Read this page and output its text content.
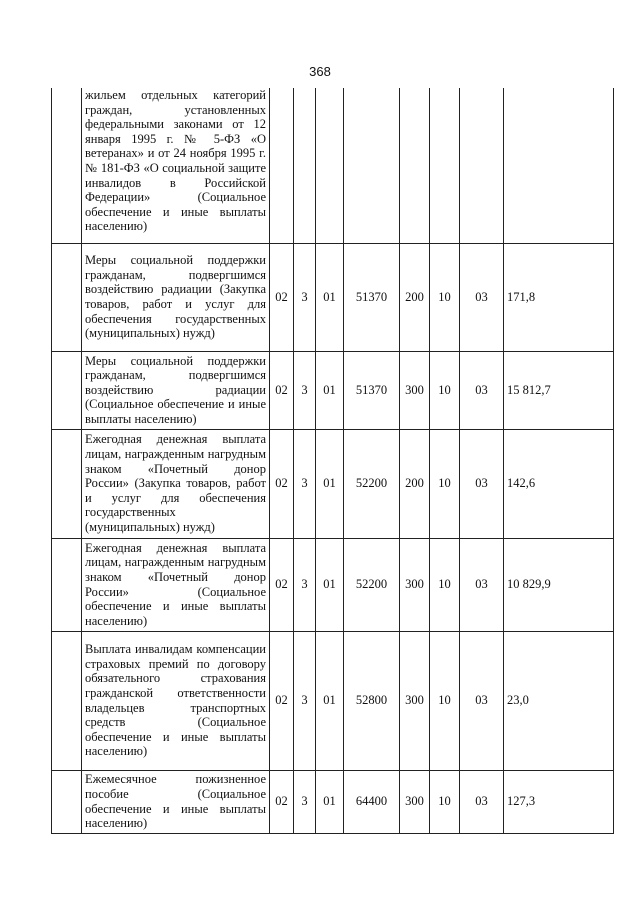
368
	жильем отдельных категорий граждан, установленных федеральными законами от 12 января 1995 г. № 5-ФЗ «О ветеранах» и от 24 ноября 1995 г. № 181-ФЗ «О социальной защите инвалидов в Российской Федерации» (Социальное обеспечение и иные выплаты населению)								
	Меры социальной поддержки гражданам, подвергшимся воздействию радиации (Закупка товаров, работ и услуг для обеспечения государственных (муниципальных) нужд)	02	3	01	51370	200	10	03	171,8
	Меры социальной поддержки гражданам, подвергшимся воздействию радиации (Социальное обеспечение и иные выплаты населению)	02	3	01	51370	300	10	03	15 812,7
	Ежегодная денежная выплата лицам, награжденным нагрудным знаком «Почетный донор России» (Закупка товаров, работ и услуг для обеспечения государственных (муниципальных) нужд)	02	3	01	52200	200	10	03	142,6
	Ежегодная денежная выплата лицам, награжденным нагрудным знаком «Почетный донор России» (Социальное обеспечение и иные выплаты населению)	02	3	01	52200	300	10	03	10 829,9
	Выплата инвалидам компенсации страховых премий по договору обязательного страхования гражданской ответственности владельцев транспортных средств (Социальное обеспечение и иные выплаты населению)	02	3	01	52800	300	10	03	23,0
	Ежемесячное пожизненное пособие (Социальное обеспечение и иные выплаты населению)	02	3	01	64400	300	10	03	127,3
